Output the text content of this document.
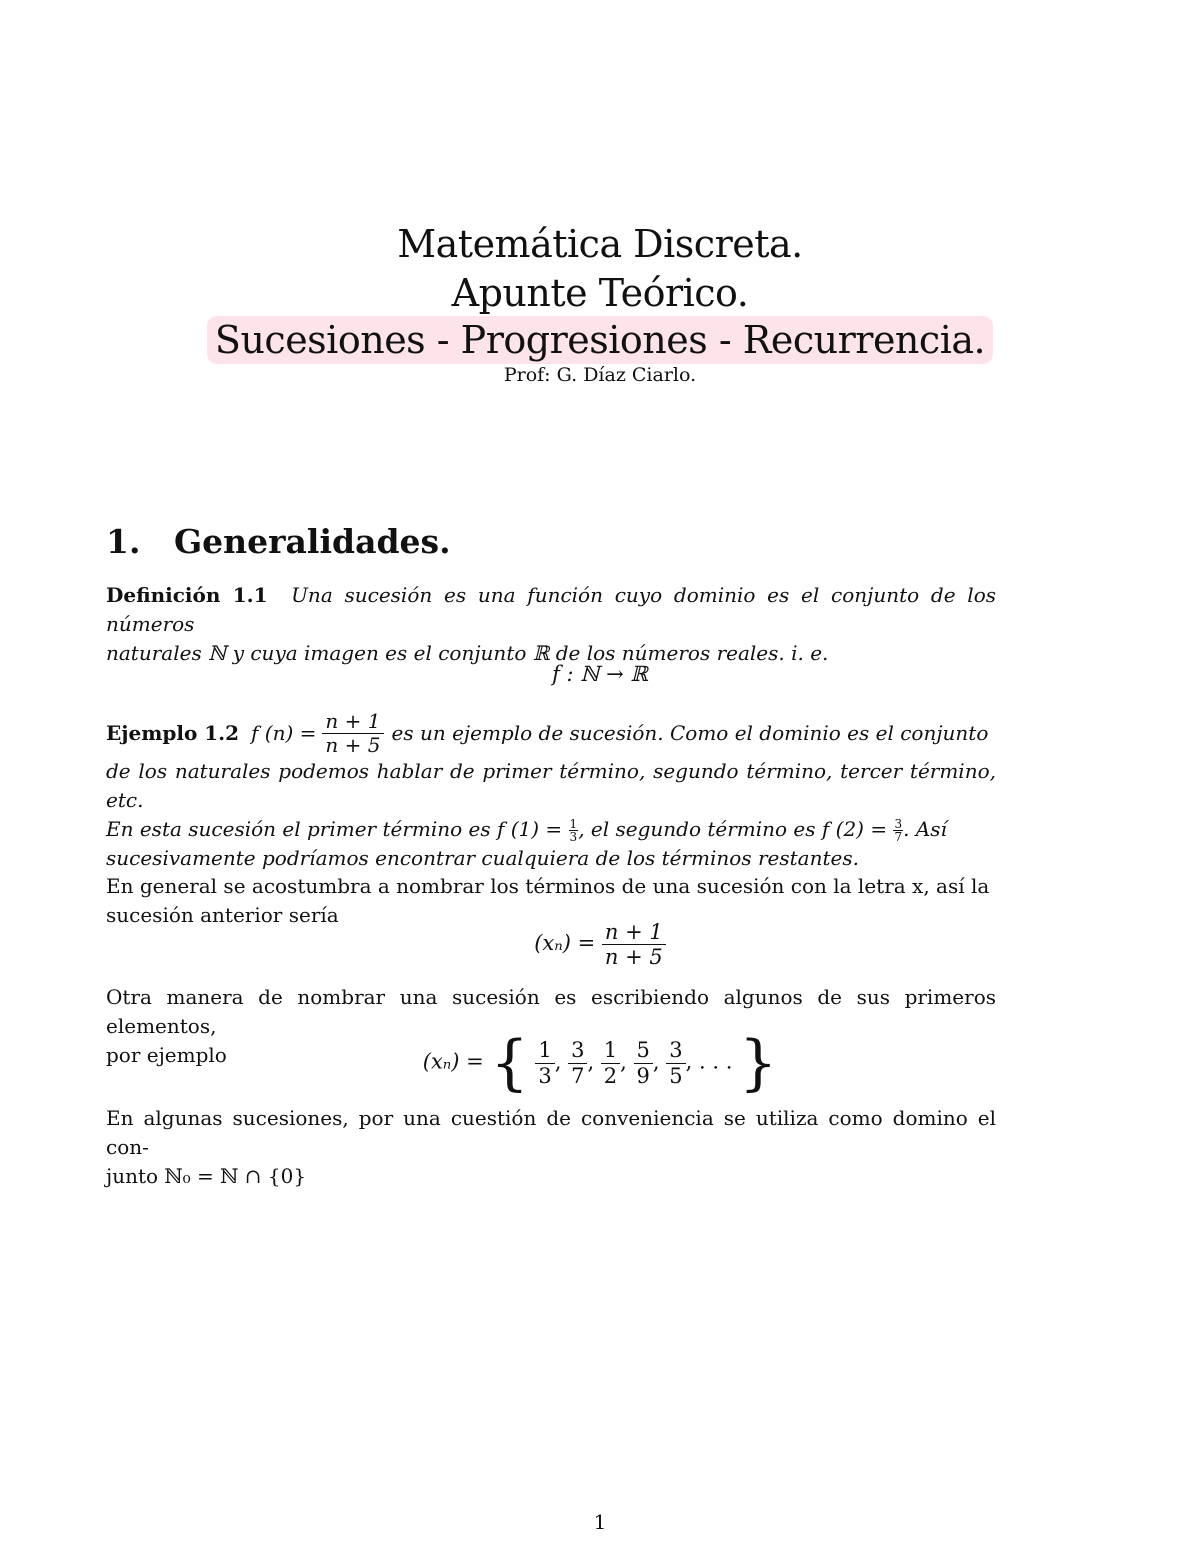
Matemática Discreta.
Apunte Teórico.
Sucesiones - Progresiones - Recurrencia.
Prof: G. Díaz Ciarlo.
1. Generalidades.
Definición 1.1 Una sucesión es una función cuyo dominio es el conjunto de los números
naturales ℕ y cuya imagen es el conjunto ℝ de los números reales. i. e.
f : ℕ → ℝ
Ejemplo 1.2 f $(n) = \frac{n + 1}{n + 5}$ es un ejemplo de sucesión. Como el dominio es el conjunto
de los naturales podemos hablar de primer término, segundo término, tercer término, etc.
En esta sucesión el primer término es f $(1) = \frac{1}{3}$ , el segundo término es f $(2) = \frac{3}{7}$ . Así
sucesivamente podríamos encontrar cualquiera de los términos restantes.
En general se acostumbra a nombrar los términos de una sucesión con la letra x, así la
sucesión anterior sería
$(x_n) = \frac{n + 1}{n + 5}$
Otra manera de nombrar una sucesión es escribiendo algunos de sus primeros elementos,
por ejemplo	(xₙ) = { $\frac{1}{3}$ , $\frac{3}{7}$ , $\frac{1}{2}$ , $\frac{5}{9}$ , $\frac{3}{5}$ , . . . }
En algunas sucesiones, por una cuestión de conveniencia se utiliza como domino el con-
junto ℕ₀ = ℕ ∩ {0}
1
